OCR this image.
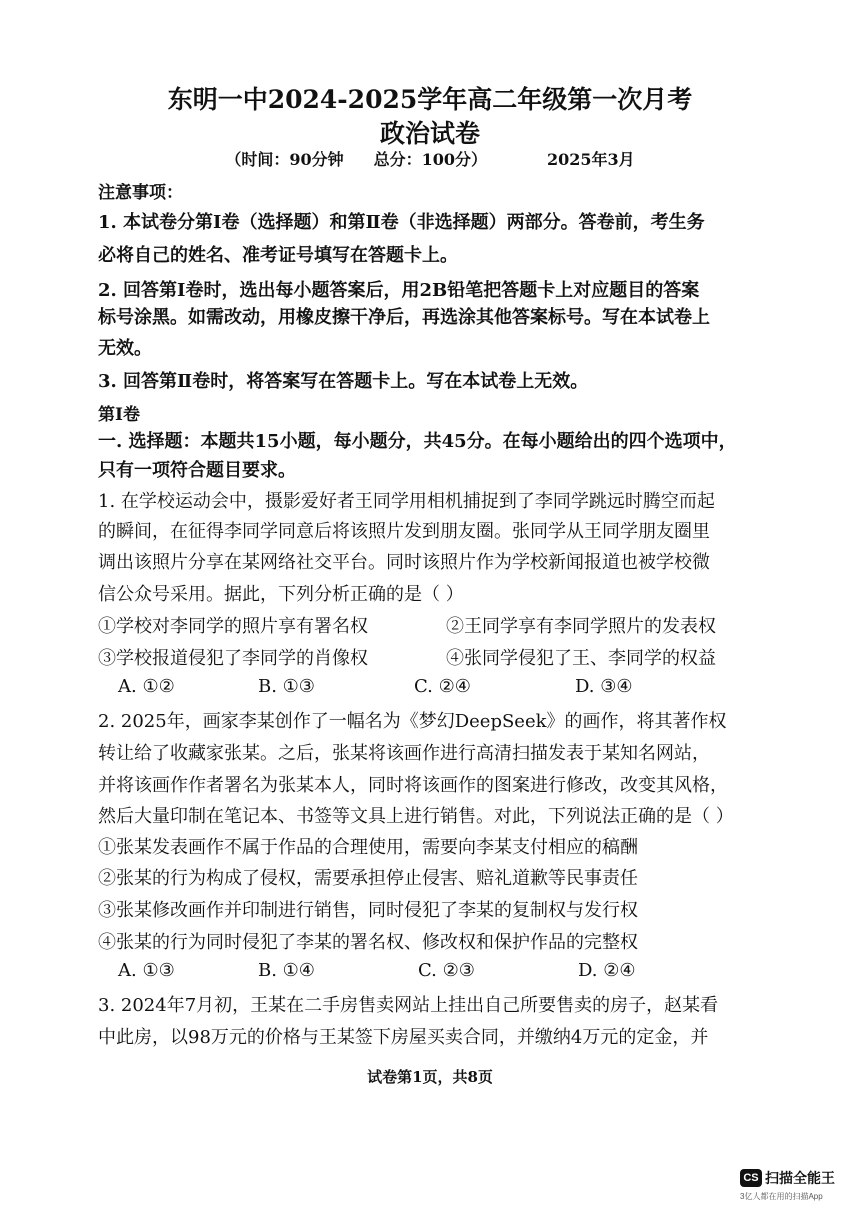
东明一中2024-2025学年高二年级第一次月考
政治试卷
（时间：90分钟 总分：100分）	2025年3月
注意事项：
1. 本试卷分第Ⅰ卷（选择题）和第Ⅱ卷（非选择题）两部分。答卷前，考生务
必将自己的姓名、准考证号填写在答题卡上。
2. 回答第Ⅰ卷时，选出每小题答案后，用2B铅笔把答题卡上对应题目的答案
标号涂黑。如需改动，用橡皮擦干净后，再选涂其他答案标号。写在本试卷上
无效。
3. 回答第Ⅱ卷时，将答案写在答题卡上。写在本试卷上无效。
第Ⅰ卷
一. 选择题：本题共15小题，每小题分，共45分。在每小题给出的四个选项中，
只有一项符合题目要求。
1. 在学校运动会中，摄影爱好者王同学用相机捕捉到了李同学跳远时腾空而起
的瞬间，在征得李同学同意后将该照片发到朋友圈。张同学从王同学朋友圈里
调出该照片分享在某网络社交平台。同时该照片作为学校新闻报道也被学校微
信公众号采用。据此，下列分析正确的是（ ）
①学校对李同学的照片享有署名权	②王同学享有李同学照片的发表权
③学校报道侵犯了李同学的肖像权	④张同学侵犯了王、李同学的权益
A. ①②	B. ①③	C. ②④	D. ③④
2. 2025年，画家李某创作了一幅名为《梦幻DeepSeek》的画作，将其著作权
转让给了收藏家张某。之后，张某将该画作进行高清扫描发表于某知名网站，
并将该画作作者署名为张某本人，同时将该画作的图案进行修改，改变其风格，
然后大量印制在笔记本、书签等文具上进行销售。对此，下列说法正确的是（ ）
①张某发表画作不属于作品的合理使用，需要向李某支付相应的稿酬
②张某的行为构成了侵权，需要承担停止侵害、赔礼道歉等民事责任
③张某修改画作并印制进行销售，同时侵犯了李某的复制权与发行权
④张某的行为同时侵犯了李某的署名权、修改权和保护作品的完整权
A. ①③	B. ①④	C. ②③	D. ②④
3. 2024年7月初，王某在二手房售卖网站上挂出自己所要售卖的房子，赵某看
中此房，以98万元的价格与王某签下房屋买卖合同，并缴纳4万元的定金，并
试卷第1页，共8页
CS 扫描全能王
3亿人都在用的扫描App
